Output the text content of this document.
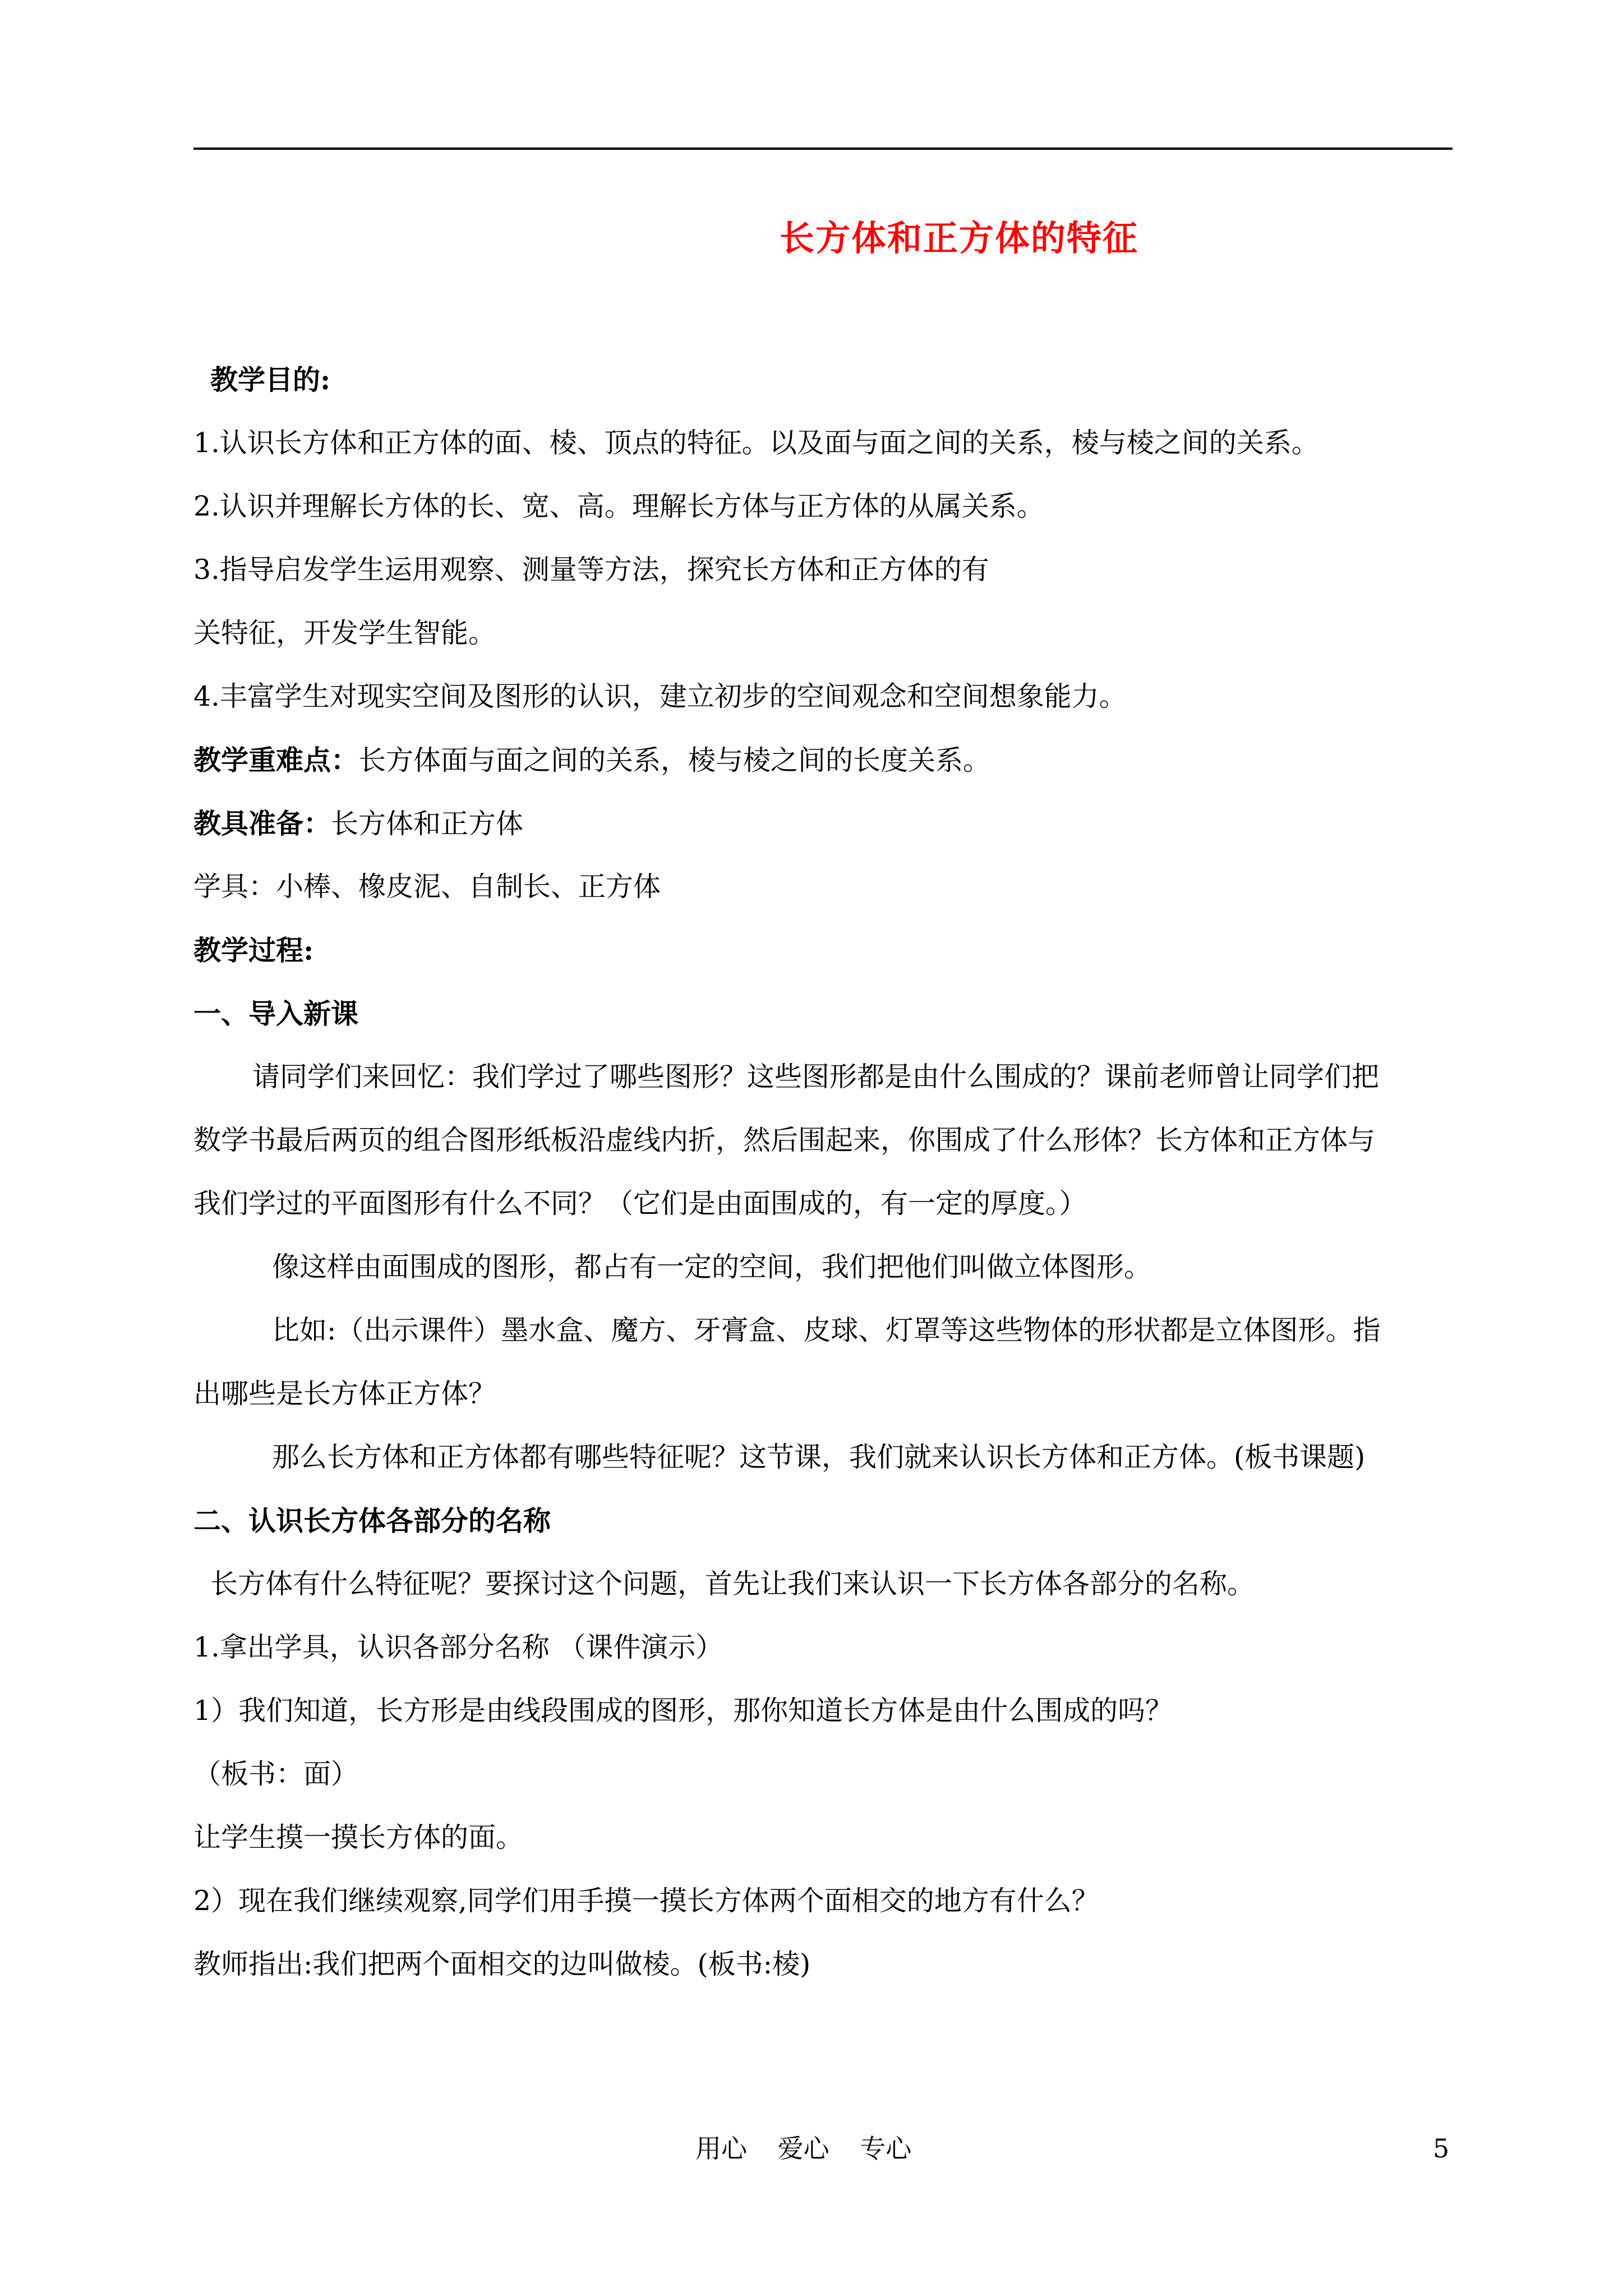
长方体和正方体的特征
教学目的:
1.认识长方体和正方体的面、棱、顶点的特征。以及面与面之间的关系，棱与棱之间的关系。
2.认识并理解长方体的长、宽、高。理解长方体与正方体的从属关系。
3.指导启发学生运用观察、测量等方法，探究长方体和正方体的有
关特征，开发学生智能。
4.丰富学生对现实空间及图形的认识，建立初步的空间观念和空间想象能力。
教学重难点：长方体面与面之间的关系，棱与棱之间的长度关系。
教具准备：长方体和正方体
学具：小棒、橡皮泥、自制长、正方体
教学过程:
一、导入新课
请同学们来回忆：我们学过了哪些图形？这些图形都是由什么围成的？课前老师曾让同学们把
数学书最后两页的组合图形纸板沿虚线内折，然后围起来，你围成了什么形体？长方体和正方体与
我们学过的平面图形有什么不同？（它们是由面围成的，有一定的厚度。）
像这样由面围成的图形，都占有一定的空间，我们把他们叫做立体图形。
比如:（出示课件）墨水盒、魔方、牙膏盒、皮球、灯罩等这些物体的形状都是立体图形。指
出哪些是长方体正方体？
那么长方体和正方体都有哪些特征呢？这节课，我们就来认识长方体和正方体。(板书课题)
二、认识长方体各部分的名称
长方体有什么特征呢？要探讨这个问题，首先让我们来认识一下长方体各部分的名称。
1.拿出学具，认识各部分名称 （课件演示）
1）我们知道，长方形是由线段围成的图形，那你知道长方体是由什么围成的吗？
（板书：面）
让学生摸一摸长方体的面。
2）现在我们继续观察,同学们用手摸一摸长方体两个面相交的地方有什么？
教师指出:我们把两个面相交的边叫做棱。(板书:棱)
用心 爱心 专心	5
